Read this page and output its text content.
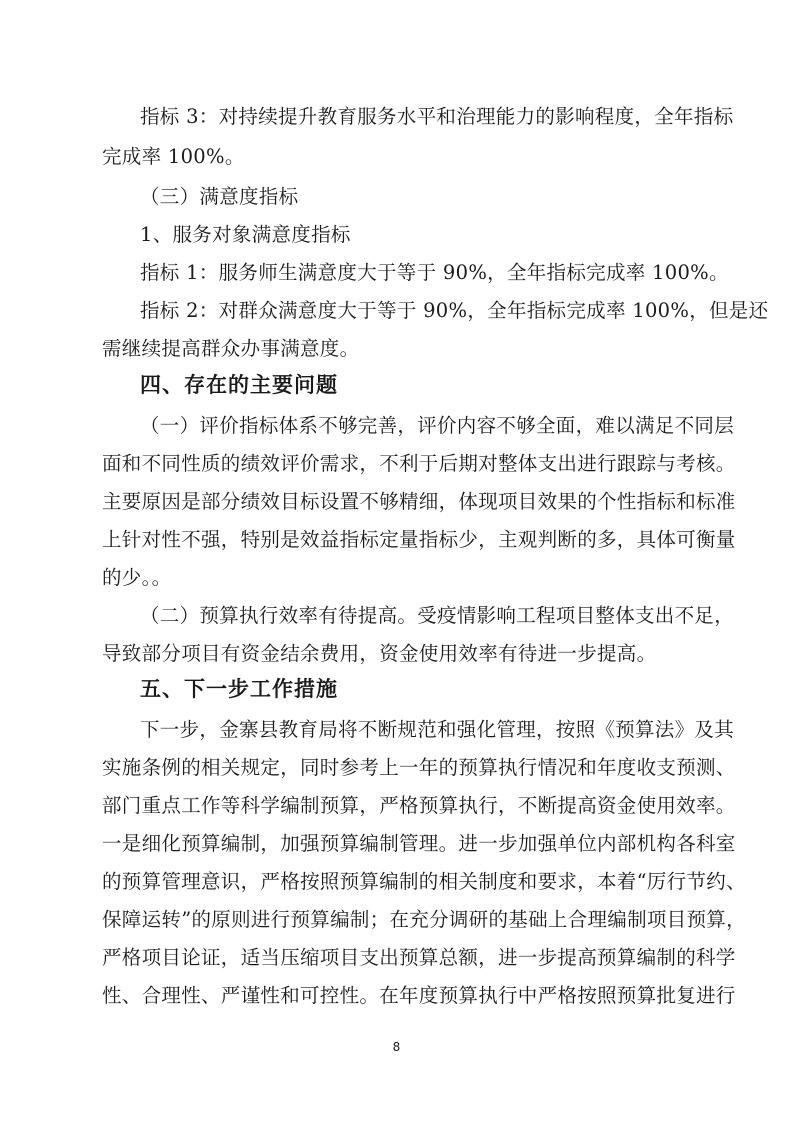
指标 3：对持续提升教育服务水平和治理能力的影响程度，全年指标
完成率 100%。
（三）满意度指标
1、服务对象满意度指标
指标 1：服务师生满意度大于等于 90%，全年指标完成率 100%。
指标 2：对群众满意度大于等于 90%，全年指标完成率 100%，但是还
需继续提高群众办事满意度。
四、存在的主要问题
（一）评价指标体系不够完善，评价内容不够全面，难以满足不同层
面和不同性质的绩效评价需求，不利于后期对整体支出进行跟踪与考核。
主要原因是部分绩效目标设置不够精细，体现项目效果的个性指标和标准
上针对性不强，特别是效益指标定量指标少，主观判断的多，具体可衡量
的少。。
（二）预算执行效率有待提高。受疫情影响工程项目整体支出不足，
导致部分项目有资金结余费用，资金使用效率有待进一步提高。
五、下一步工作措施
下一步，金寨县教育局将不断规范和强化管理，按照《预算法》及其
实施条例的相关规定，同时参考上一年的预算执行情况和年度收支预测、
部门重点工作等科学编制预算，严格预算执行，不断提高资金使用效率。
一是细化预算编制，加强预算编制管理。进一步加强单位内部机构各科室
的预算管理意识，严格按照预算编制的相关制度和要求，本着“厉行节约、
保障运转”的原则进行预算编制；在充分调研的基础上合理编制项目预算，
严格项目论证，适当压缩项目支出预算总额，进一步提高预算编制的科学
性、合理性、严谨性和可控性。在年度预算执行中严格按照预算批复进行
8
